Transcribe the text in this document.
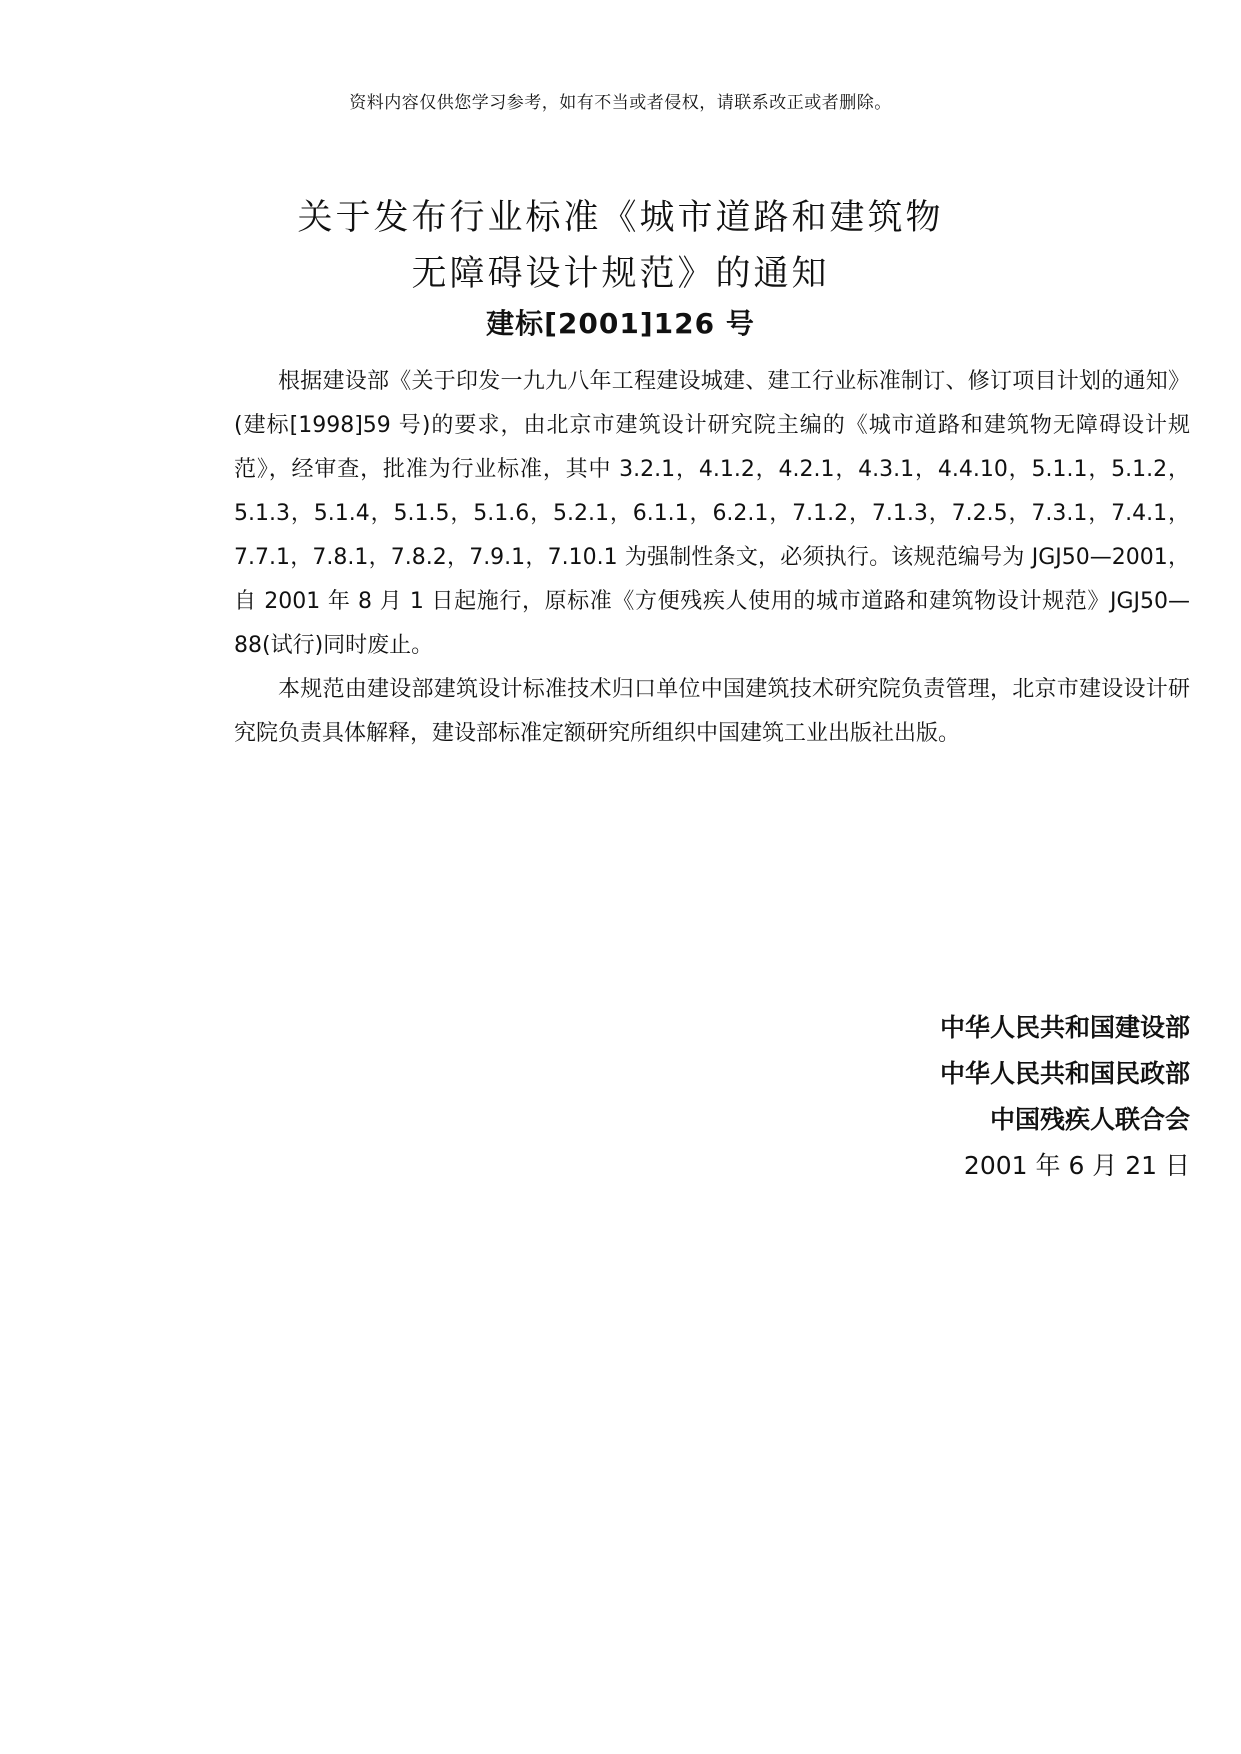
资料内容仅供您学习参考，如有不当或者侵权，请联系改正或者删除。
关于发布行业标准《城市道路和建筑物
无障碍设计规范》的通知
建标[2001]126 号

根据建设部《关于印发一九九八年工程建设城建、建工行业标准制订、修订项目计划的通知》(建标[1998]59 号)的要求，由北京市建筑设计研究院主编的《城市道路和建筑物无障碍设计规范》，经审查，批准为行业标准，其中 3.2.1，4.1.2，4.2.1，4.3.1，4.4.10，5.1.1，5.1.2，5.1.3，5.1.4，5.1.5，5.1.6，5.2.1，6.1.1，6.2.1，7.1.2，7.1.3，7.2.5，7.3.1，7.4.1，7.7.1，7.8.1，7.8.2，7.9.1，7.10.1 为强制性条文，必须执行。该规范编号为 JGJ50—2001，自 2001 年 8 月 1 日起施行，原标准《方便残疾人使用的城市道路和建筑物设计规范》JGJ50—88(试行)同时废止。

本规范由建设部建筑设计标准技术归口单位中国建筑技术研究院负责管理，北京市建设设计研究院负责具体解释，建设部标准定额研究所组织中国建筑工业出版社出版。

中华人民共和国建设部
中华人民共和国民政部
中国残疾人联合会
2001 年 6 月 21 日
